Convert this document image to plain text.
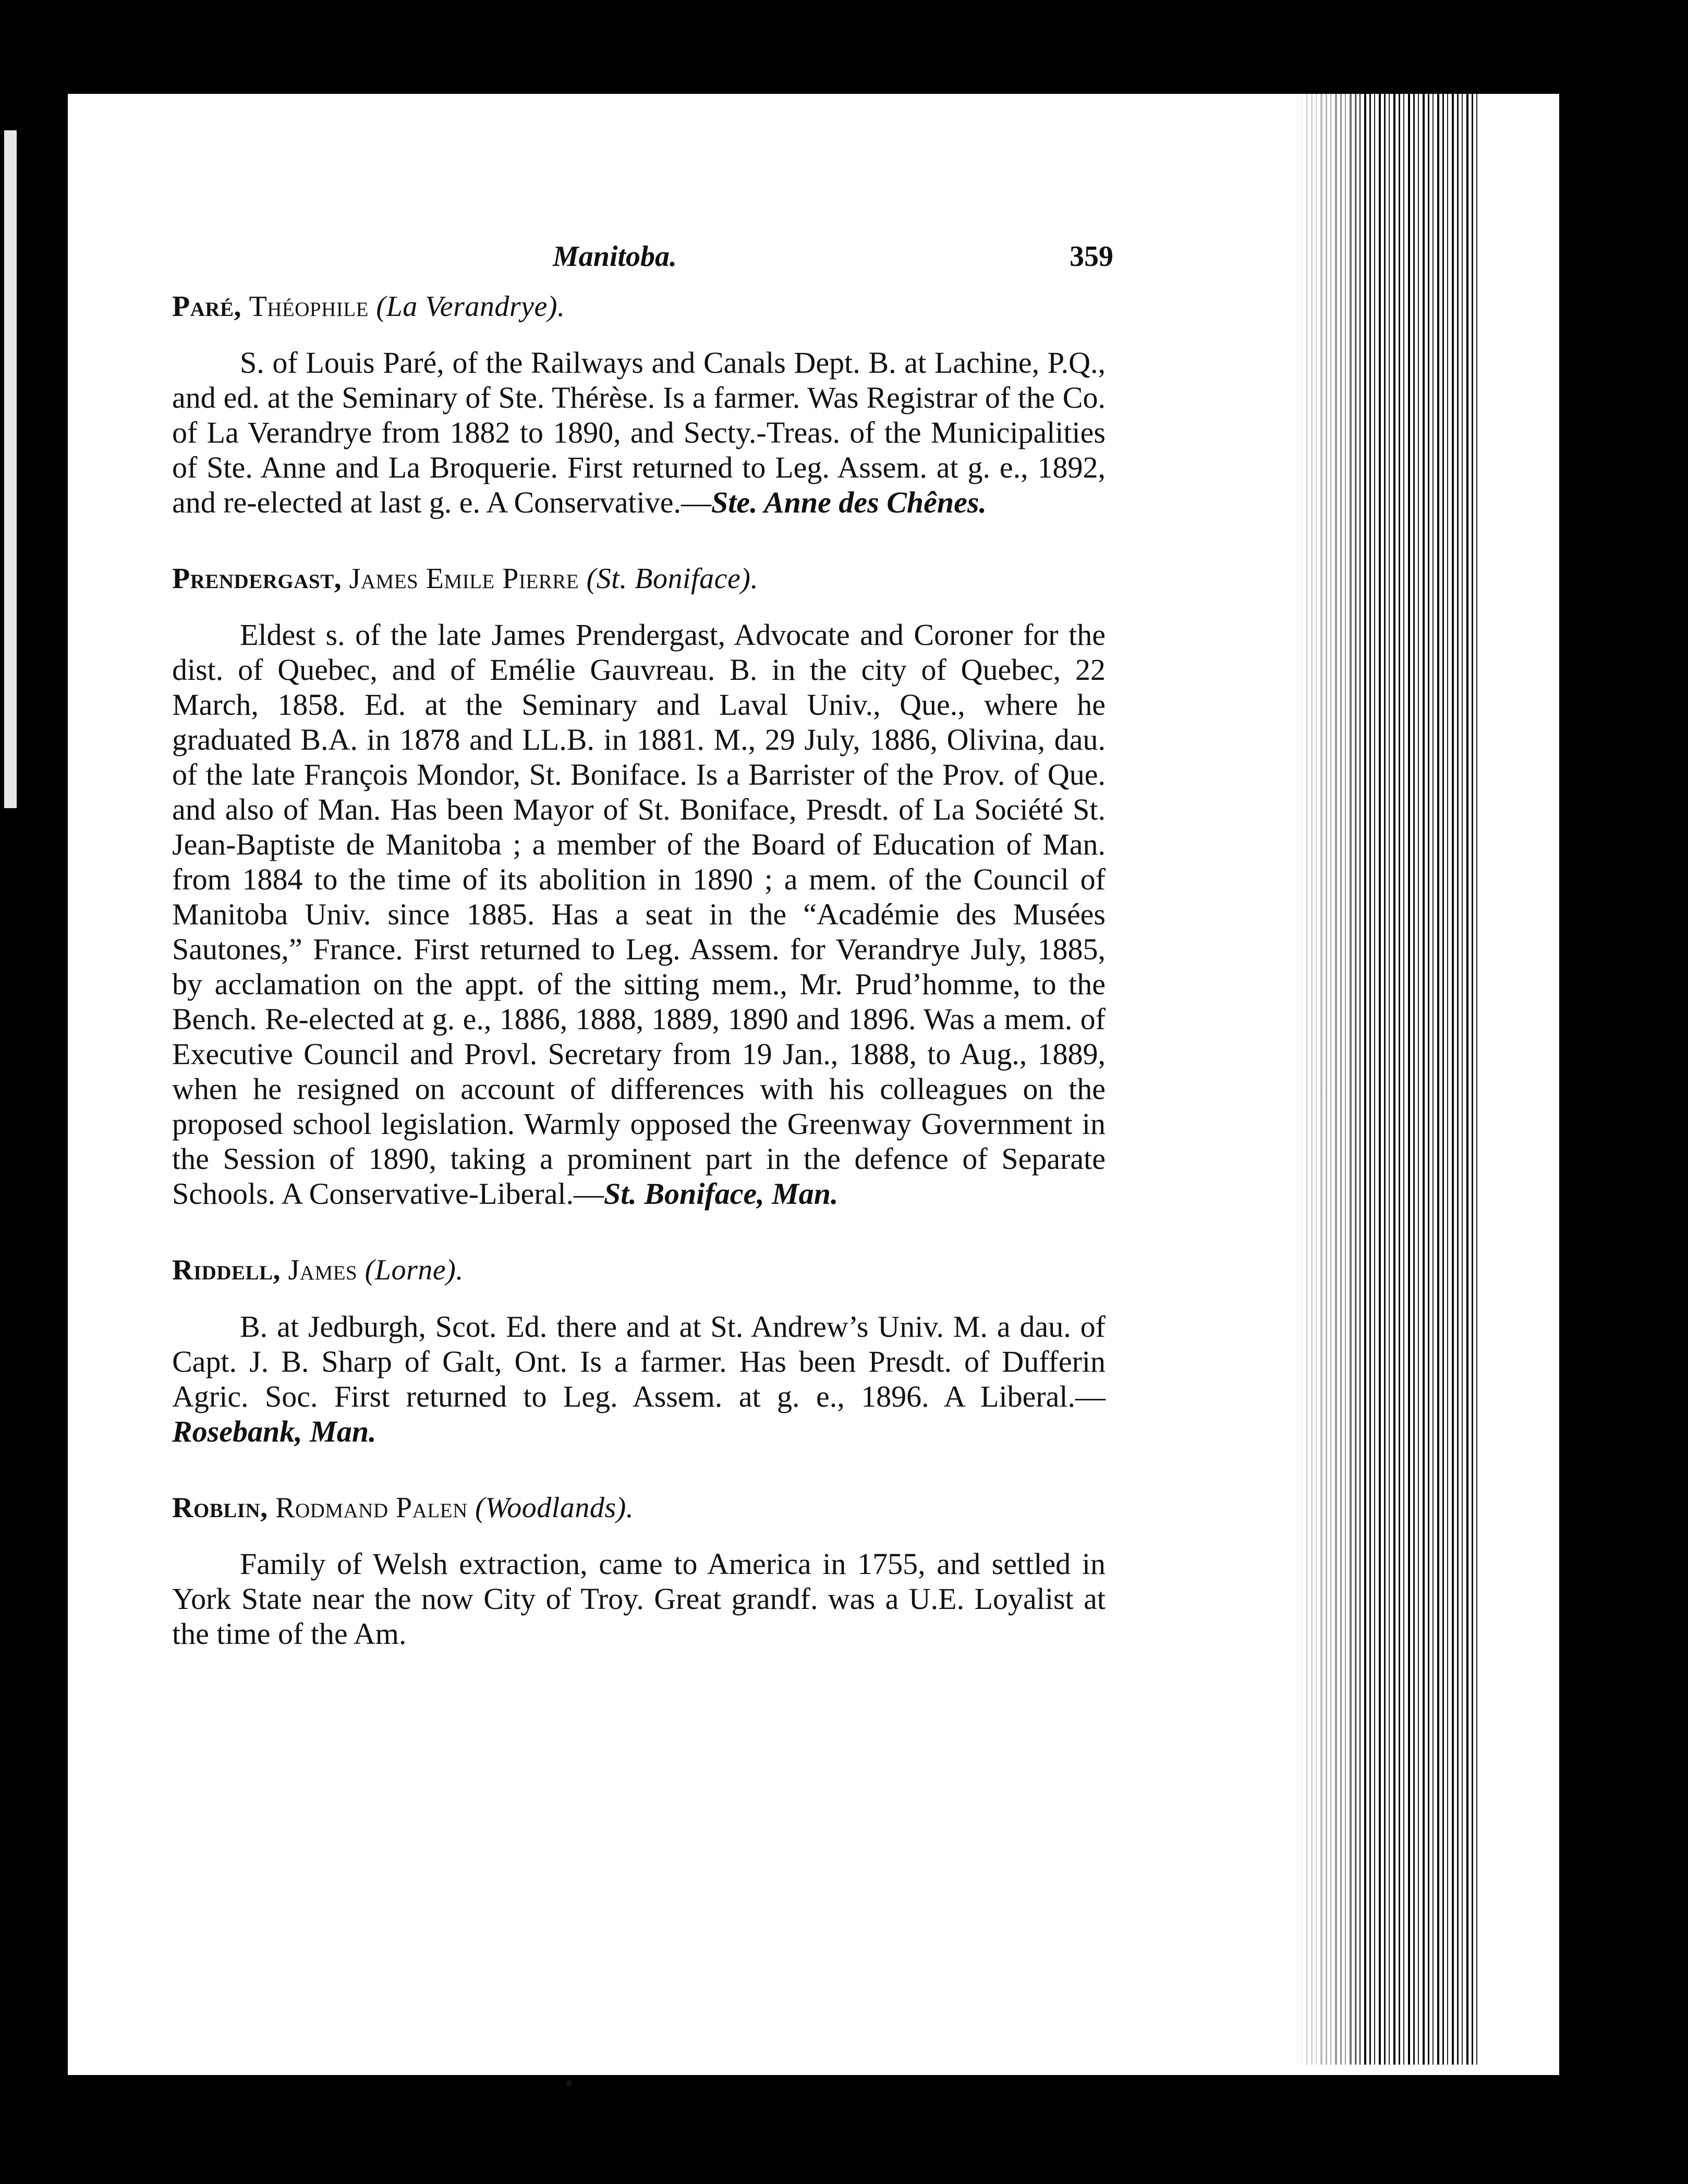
Manitoba.	359

Paré, Théophile (La Verandrye).

S. of Louis Paré, of the Railways and Canals Dept. B. at Lachine, P.Q., and ed. at the Seminary of Ste. Thérèse. Is a farmer. Was Registrar of the Co. of La Verandrye from 1882 to 1890, and Secty.-Treas. of the Municipalities of Ste. Anne and La Broquerie. First returned to Leg. Assem. at g. e., 1892, and re-elected at last g. e. A Conservative.—Ste. Anne des Chênes.

Prendergast, James Emile Pierre (St. Boniface).

Eldest s. of the late James Prendergast, Advocate and Coroner for the dist. of Quebec, and of Emélie Gauvreau. B. in the city of Quebec, 22 March, 1858. Ed. at the Seminary and Laval Univ., Que., where he graduated B.A. in 1878 and LL.B. in 1881. M., 29 July, 1886, Olivina, dau. of the late François Mondor, St. Boniface. Is a Barrister of the Prov. of Que. and also of Man. Has been Mayor of St. Boniface, Presdt. of La Société St. Jean-Baptiste de Manitoba ; a member of the Board of Education of Man. from 1884 to the time of its abolition in 1890 ; a mem. of the Council of Manitoba Univ. since 1885. Has a seat in the “Académie des Musées Sautones,” France. First returned to Leg. Assem. for Verandrye July, 1885, by acclamation on the appt. of the sitting mem., Mr. Prud’homme, to the Bench. Re-elected at g. e., 1886, 1888, 1889, 1890 and 1896. Was a mem. of Executive Council and Provl. Secretary from 19 Jan., 1888, to Aug., 1889, when he resigned on account of differences with his colleagues on the proposed school legislation. Warmly opposed the Greenway Government in the Session of 1890, taking a prominent part in the defence of Separate Schools. A Conservative-Liberal.—St. Boniface, Man.

Riddell, James (Lorne).

B. at Jedburgh, Scot. Ed. there and at St. Andrew’s Univ. M. a dau. of Capt. J. B. Sharp of Galt, Ont. Is a farmer. Has been Presdt. of Dufferin Agric. Soc. First returned to Leg. Assem. at g. e., 1896. A Liberal.—Rosebank, Man.

Roblin, Rodmand Palen (Woodlands).

Family of Welsh extraction, came to America in 1755, and settled in York State near the now City of Troy. Great grandf. was a U.E. Loyalist at the time of the Am.
